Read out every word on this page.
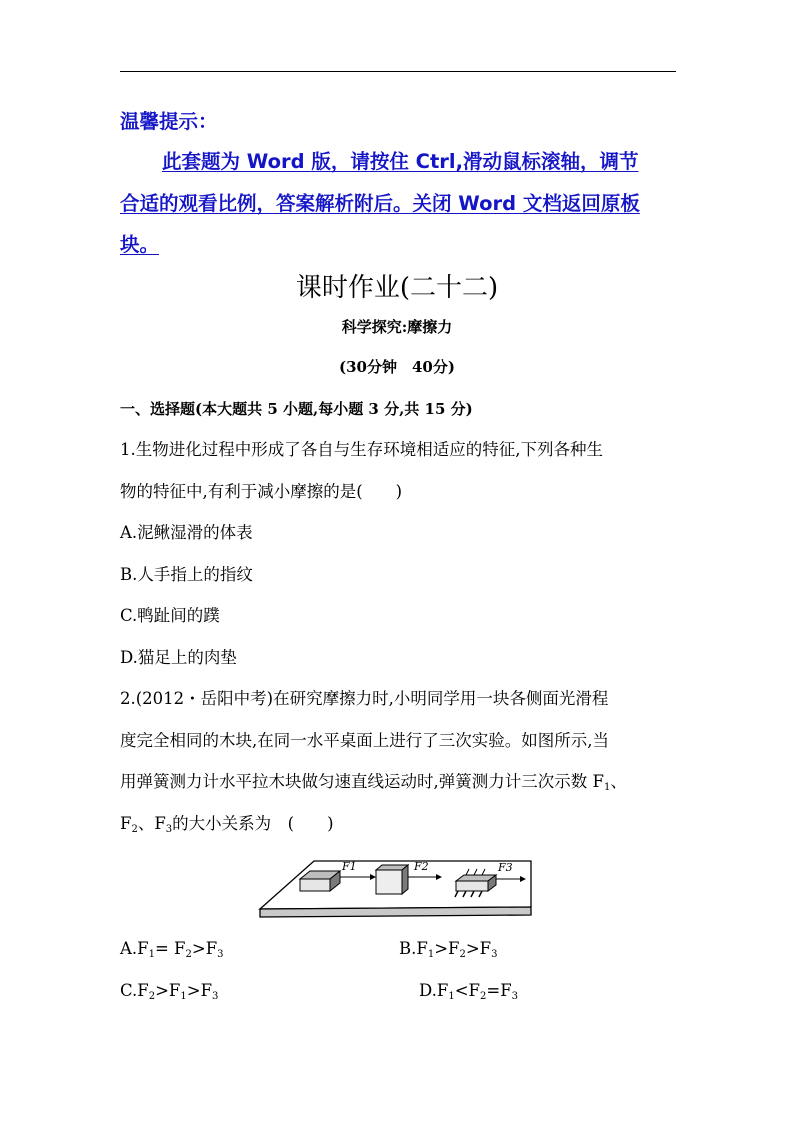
温馨提示：
此套题为 Word 版，请按住 Ctrl,滑动鼠标滚轴，调节
合适的观看比例，答案解析附后。关闭 Word 文档返回原板
块。
课时作业(二十二)
科学探究:摩擦力
(30分钟　40分)
一、选择题(本大题共 5 小题,每小题 3 分,共 15 分)
1.生物进化过程中形成了各自与生存环境相适应的特征,下列各种生
物的特征中,有利于减小摩擦的是(　　)
A.泥鳅湿滑的体表
B.人手指上的指纹
C.鸭趾间的蹼
D.猫足上的肉垫
2.(2012・岳阳中考)在研究摩擦力时,小明同学用一块各侧面光滑程
度完全相同的木块,在同一水平桌面上进行了三次实验。如图所示,当
用弹簧测力计水平拉木块做匀速直线运动时,弹簧测力计三次示数 $F_1$、
$F_2$、$F_3$的大小关系为　(　　)
F1	F2	F3
$A.F_1= F_2>F_3$	$B.F_1>F_2>F_3$
$C.F_2>F_1>F_3$	$D.F_1<F_2=F_3$
